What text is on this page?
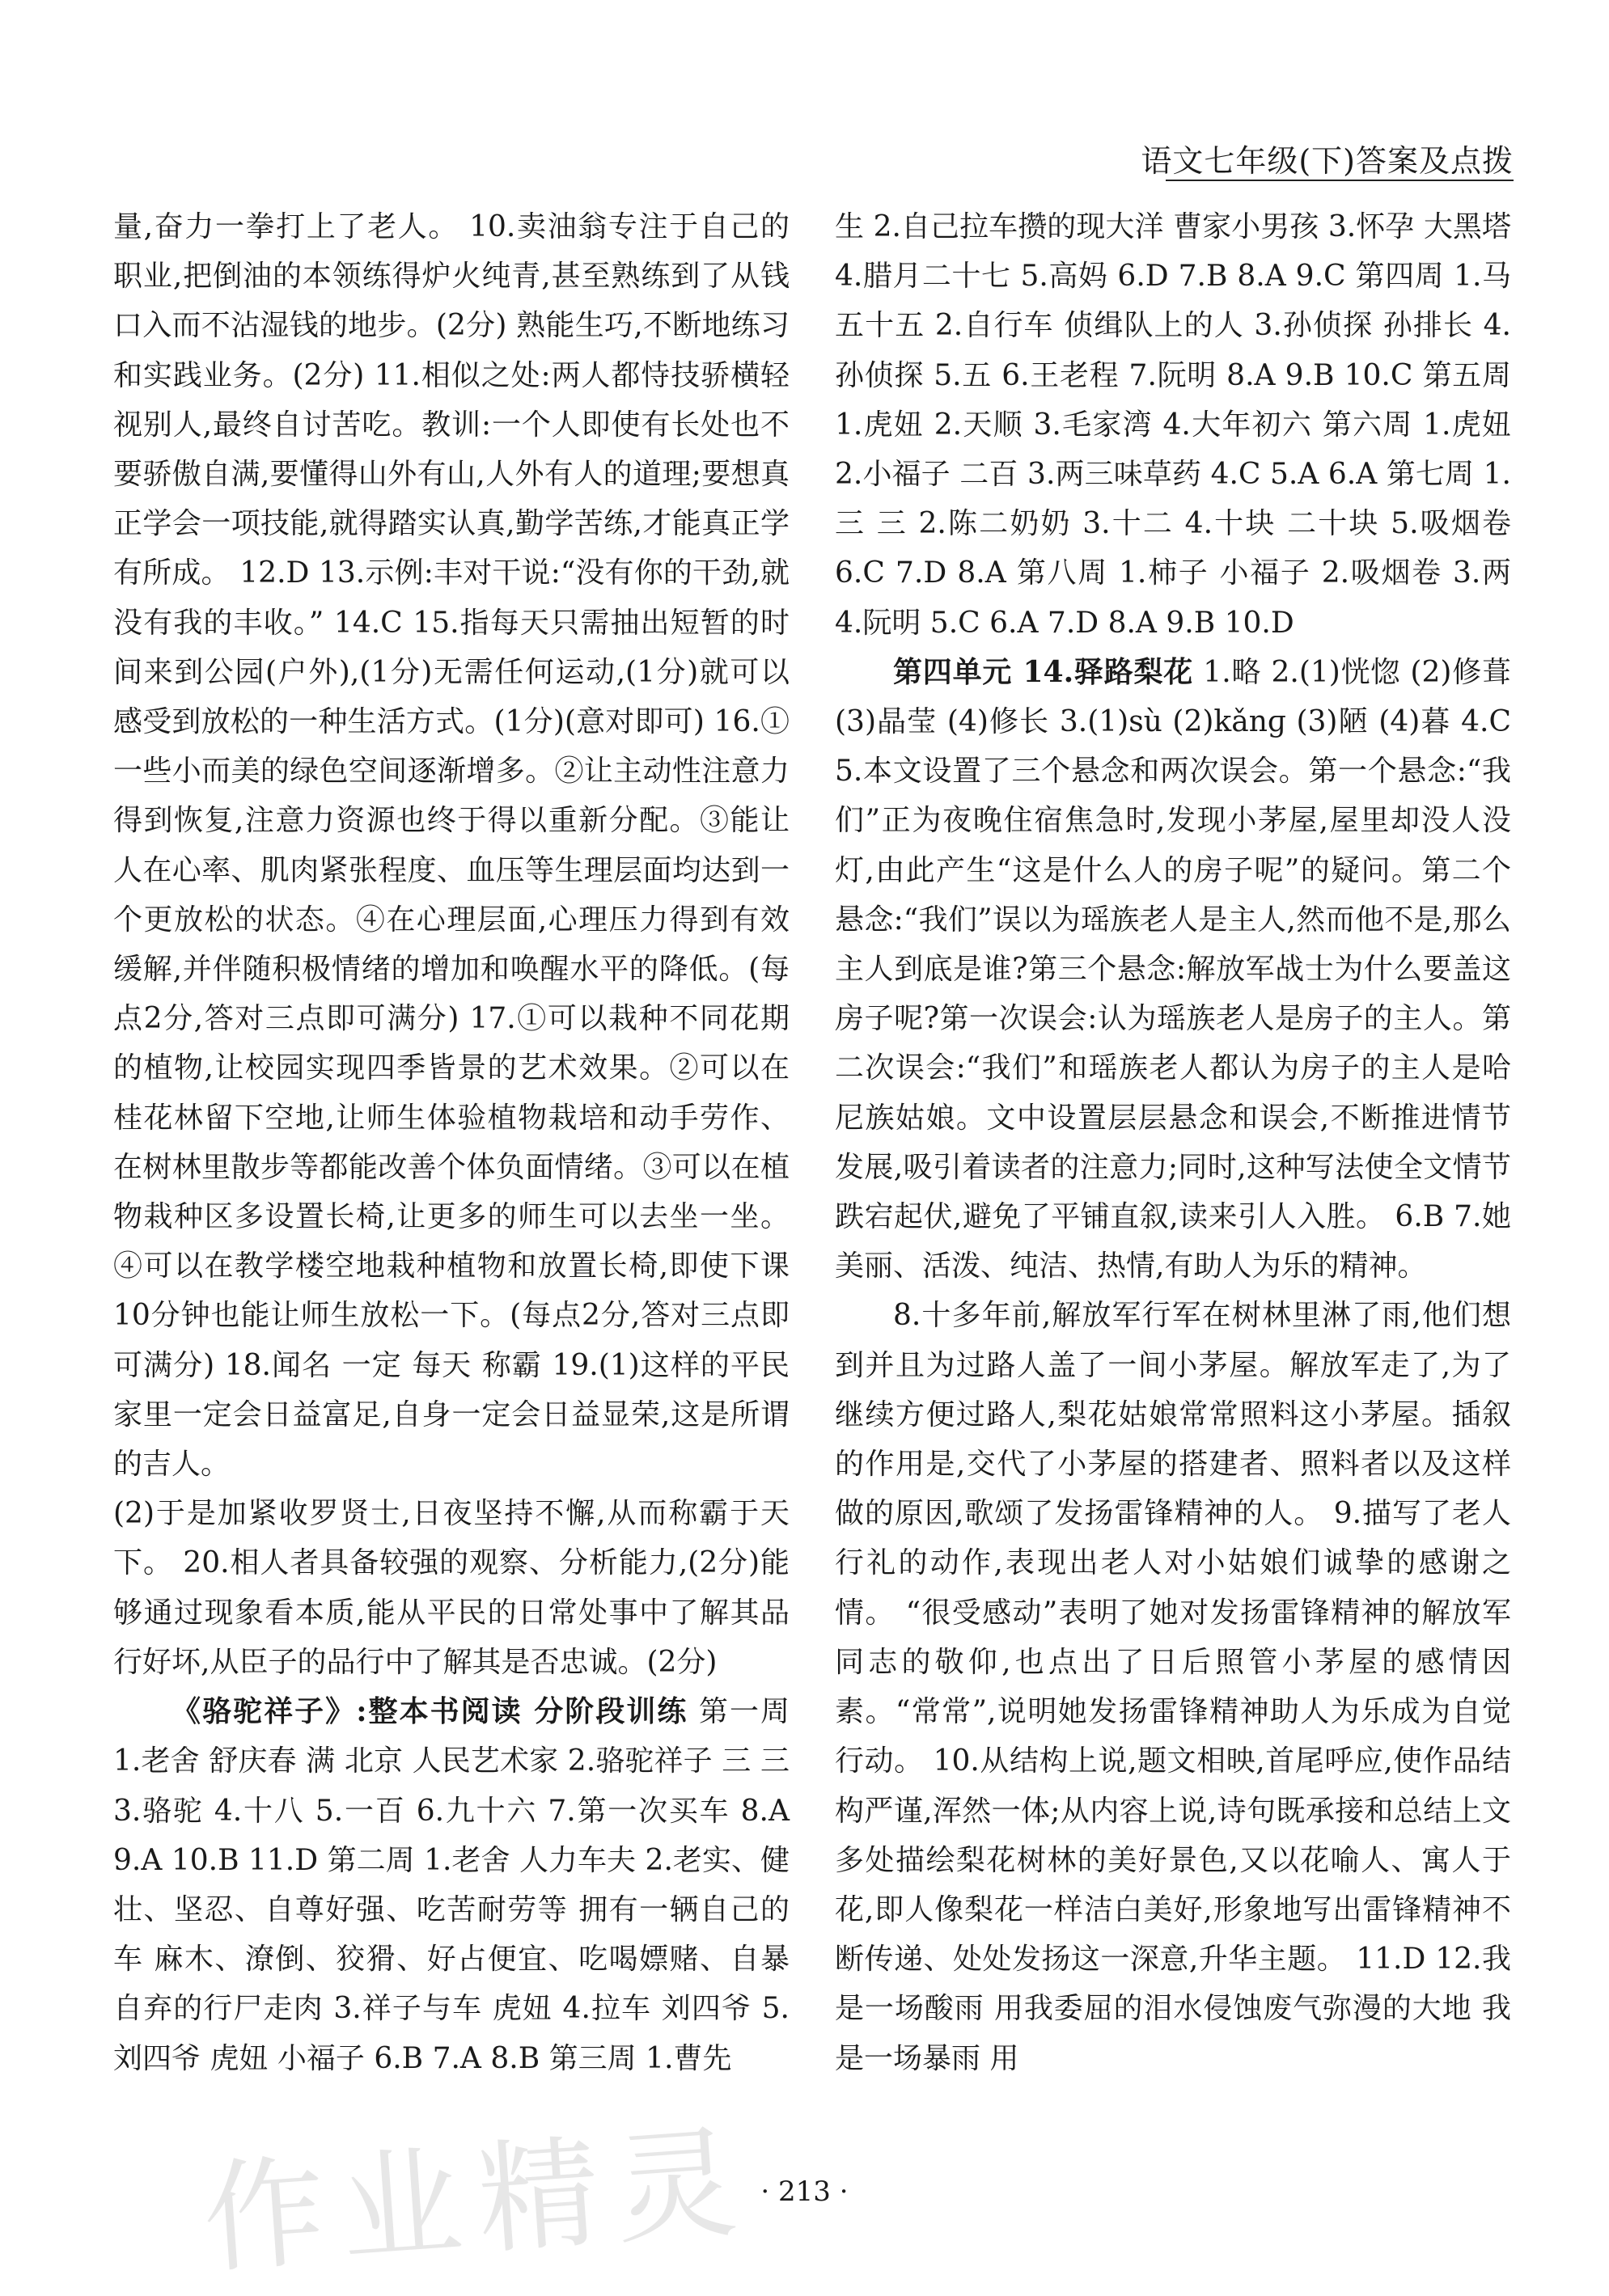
语文七年级(下)答案及点拨

量,奋力一拳打上了老人。 10.卖油翁专注于自己的职业,把倒油的本领练得炉火纯青,甚至熟练到了从钱口入而不沾湿钱的地步。(2分) 熟能生巧,不断地练习和实践业务。(2分) 11.相似之处:两人都恃技骄横轻视别人,最终自讨苦吃。教训:一个人即使有长处也不要骄傲自满,要懂得山外有山,人外有人的道理;要想真正学会一项技能,就得踏实认真,勤学苦练,才能真正学有所成。 12.D 13.示例:丰对干说:“没有你的干劲,就没有我的丰收。” 14.C 15.指每天只需抽出短暂的时间来到公园(户外),(1分)无需任何运动,(1分)就可以感受到放松的一种生活方式。(1分)(意对即可) 16.①一些小而美的绿色空间逐渐增多。②让主动性注意力得到恢复,注意力资源也终于得以重新分配。③能让人在心率、肌肉紧张程度、血压等生理层面均达到一个更放松的状态。④在心理层面,心理压力得到有效缓解,并伴随积极情绪的增加和唤醒水平的降低。(每点2分,答对三点即可满分) 17.①可以栽种不同花期的植物,让校园实现四季皆景的艺术效果。②可以在桂花林留下空地,让师生体验植物栽培和动手劳作、在树林里散步等都能改善个体负面情绪。③可以在植物栽种区多设置长椅,让更多的师生可以去坐一坐。④可以在教学楼空地栽种植物和放置长椅,即使下课10分钟也能让师生放松一下。(每点2分,答对三点即可满分) 18.闻名 一定 每天 称霸 19.(1)这样的平民家里一定会日益富足,自身一定会日益显荣,这是所谓的吉人。

(2)于是加紧收罗贤士,日夜坚持不懈,从而称霸于天下。 20.相人者具备较强的观察、分析能力,(2分)能够通过现象看本质,能从平民的日常处事中了解其品行好坏,从臣子的品行中了解其是否忠诚。(2分)

《骆驼祥子》:整本书阅读 分阶段训练 第一周 1.老舍 舒庆春 满 北京 人民艺术家 2.骆驼祥子 三 三 3.骆驼 4.十八 5.一百 6.九十六 7.第一次买车 8.A 9.A 10.B 11.D 第二周 1.老舍 人力车夫 2.老实、健壮、坚忍、自尊好强、吃苦耐劳等 拥有一辆自己的车 麻木、潦倒、狡猾、好占便宜、吃喝嫖赌、自暴自弃的行尸走肉 3.祥子与车 虎妞 4.拉车 刘四爷 5.刘四爷 虎妞 小福子 6.B 7.A 8.B 第三周 1.曹先

生 2.自己拉车攒的现大洋 曹家小男孩 3.怀孕 大黑塔 4.腊月二十七 5.高妈 6.D 7.B 8.A 9.C 第四周 1.马 五十五 2.自行车 侦缉队上的人 3.孙侦探 孙排长 4.孙侦探 5.五 6.王老程 7.阮明 8.A 9.B 10.C 第五周 1.虎妞 2.天顺 3.毛家湾 4.大年初六 第六周 1.虎妞 2.小福子 二百 3.两三味草药 4.C 5.A 6.A 第七周 1.三 三 2.陈二奶奶 3.十二 4.十块 二十块 5.吸烟卷 6.C 7.D 8.A 第八周 1.柿子 小福子 2.吸烟卷 3.两 4.阮明 5.C 6.A 7.D 8.A 9.B 10.D

第四单元 14.驿路梨花 1.略 2.(1)恍惚 (2)修葺 (3)晶莹 (4)修长 3.(1)sù (2)kǎnɡ (3)陋 (4)暮 4.C 5.本文设置了三个悬念和两次误会。第一个悬念:“我们”正为夜晚住宿焦急时,发现小茅屋,屋里却没人没灯,由此产生“这是什么人的房子呢”的疑问。第二个悬念:“我们”误以为瑶族老人是主人,然而他不是,那么主人到底是谁?第三个悬念:解放军战士为什么要盖这房子呢?第一次误会:认为瑶族老人是房子的主人。第二次误会:“我们”和瑶族老人都认为房子的主人是哈尼族姑娘。文中设置层层悬念和误会,不断推进情节发展,吸引着读者的注意力;同时,这种写法使全文情节跌宕起伏,避免了平铺直叙,读来引人入胜。 6.B 7.她美丽、活泼、纯洁、热情,有助人为乐的精神。

8.十多年前,解放军行军在树林里淋了雨,他们想到并且为过路人盖了一间小茅屋。解放军走了,为了继续方便过路人,梨花姑娘常常照料这小茅屋。插叙的作用是,交代了小茅屋的搭建者、照料者以及这样做的原因,歌颂了发扬雷锋精神的人。 9.描写了老人行礼的动作,表现出老人对小姑娘们诚挚的感谢之情。 “很受感动”表明了她对发扬雷锋精神的解放军同志的敬仰,也点出了日后照管小茅屋的感情因素。“常常”,说明她发扬雷锋精神助人为乐成为自觉行动。 10.从结构上说,题文相映,首尾呼应,使作品结构严谨,浑然一体;从内容上说,诗句既承接和总结上文多处描绘梨花树林的美好景色,又以花喻人、寓人于花,即人像梨花一样洁白美好,形象地写出雷锋精神不断传递、处处发扬这一深意,升华主题。 11.D 12.我是一场酸雨 用我委屈的泪水侵蚀废气弥漫的大地 我是一场暴雨 用

· 213 ·
作业精灵
